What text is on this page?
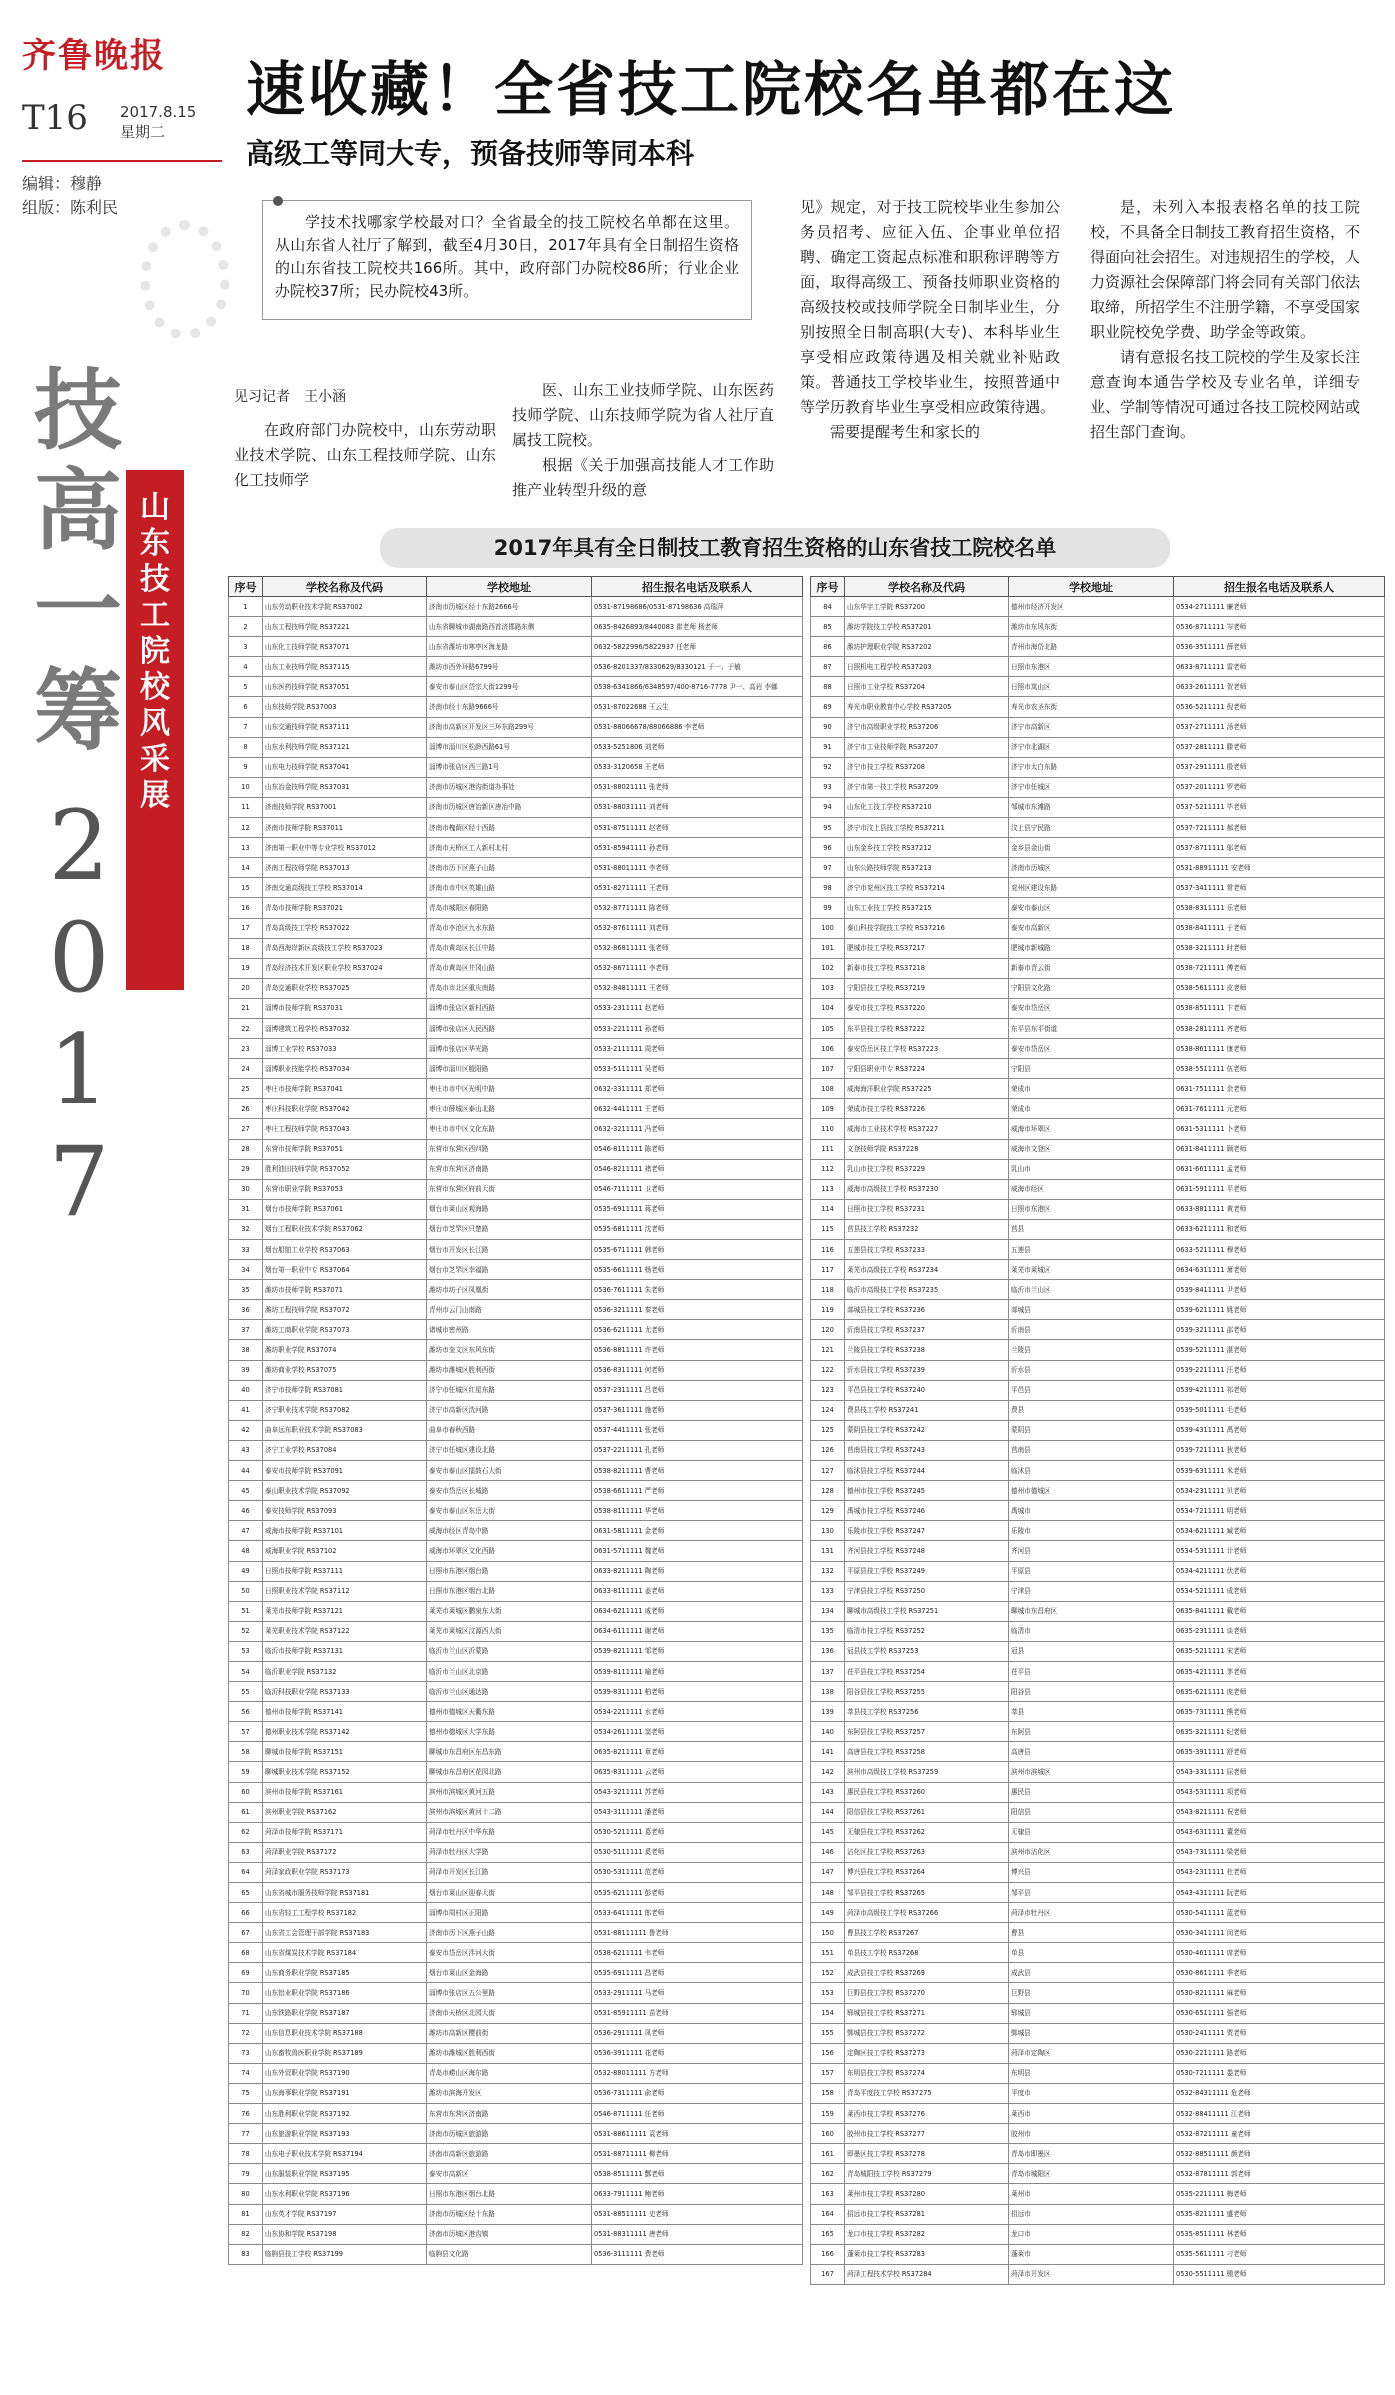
齐鲁晚报
T16 2017.8.15
星期二
编辑：穆静
组版：陈利民
速收藏！全省技工院校名单都在这
高级工等同大专，预备技师等同本科
技
高
一
筹
2
0
1
7
山
东
技
工
院
校
风
采
展

学技术找哪家学校最对口？全省最全的技工院校名单都在这里。从山东省人社厅了解到，截至4月30日，2017年具有全日制招生资格的山东省技工院校共166所。其中，政府部门办院校86所；行业企业办院校37所；民办院校43所。

见习记者　王小涵

在政府部门办院校中，山东劳动职业技术学院、山东工程技师学院、山东化工技师学

医、山东工业技师学院、山东医药技师学院、山东技师学院为省人社厅直属技工院校。

根据《关于加强高技能人才工作助推产业转型升级的意

见》规定，对于技工院校毕业生参加公务员招考、应征入伍、企事业单位招聘、确定工资起点标准和职称评聘等方面，取得高级工、预备技师职业资格的高级技校或技师学院全日制毕业生，分别按照全日制高职(大专)、本科毕业生享受相应政策待遇及相关就业补贴政策。普通技工学校毕业生，按照普通中等学历教育毕业生享受相应政策待遇。

需要提醒考生和家长的

是，未列入本报表格名单的技工院校，不具备全日制技工教育招生资格，不得面向社会招生。对违规招生的学校，人力资源社会保障部门将会同有关部门依法取缔，所招学生不注册学籍，不享受国家职业院校免学费、助学金等政策。

请有意报名技工院校的学生及家长注意查询本通告学校及专业名单，详细专业、学制等情况可通过各技工院校网站或招生部门查询。

2017年具有全日制技工教育招生资格的山东省技工院校名单
序号	学校名称及代码	学校地址	招生报名电话及联系人
1	山东劳动职业技术学院 RS37002	济南市历城区经十东路2666号	0531-87198686/0531-87198636 高瑞萍
2	山东工程技师学院 RS37221	山东省聊城市湖南路西首济邯路东侧	0635-8426893/8440083 崔老师 杨老师
3	山东化工技师学院 RS37071	山东省潍坊市寒亭区海龙路	0632-5822996/5822937 任老师
4	山东工业技师学院 RS37115	潍坊市西外环路6799号	0536-8201337/8330629/8330121 于一、于敏
5	山东医药技师学院 RS37051	泰安市泰山区岱宗大街1299号	0538-6341866/6348597/400-8716-7778 尹一、高岩 李娜
6	山东技师学院 RS37003	济南市经十东路9666号	0531-87022688 王云生
7	山东交通技师学院 RS37111	济南市高新区开发区三环东路299号	0531-88066678/88066886 李老师
8	山东水利技师学院 RS37121	淄博市淄川区松龄西路61号	0533-5251806 刘老师
9	山东电力技师学院 RS37041	淄博市张店区西三路1号	0533-3120658 王老师
10	山东冶金技师学院 RS37031	济南市历城区港沟街道办事处	0531-88021111 张老师
11	济南技师学院 RS37001	济南市历城区唐冶新区唐冶中路	0531-88031111 刘老师
12	济南市技师学院 RS37011	济南市槐荫区经十西路	0531-87511111 赵老师
13	济南第一职业中等专业学校 RS37012	济南市天桥区工人新村北村	0531-85941111 孙老师
14	济南工程技师学院 RS37013	济南市历下区燕子山路	0531-88011111 李老师
15	济南交通高级技工学校 RS37014	济南市市中区英雄山路	0531-82711111 王老师
16	青岛市技师学院 RS37021	青岛市城阳区春阳路	0532-87711111 陈老师
17	青岛高级技工学校 RS37022	青岛市李沧区九水东路	0532-87611111 刘老师
18	青岛西海岸新区高级技工学校 RS37023	青岛市黄岛区长江中路	0532-86811111 张老师
19	青岛经济技术开发区职业学校 RS37024	青岛市黄岛区井冈山路	0532-86711111 李老师
20	青岛交通职业学校 RS37025	青岛市市北区重庆南路	0532-84811111 王老师
21	淄博市技师学院 RS37031	淄博市张店区新村西路	0533-2311111 赵老师
22	淄博建筑工程学校 RS37032	淄博市张店区人民西路	0533-2211111 孙老师
23	淄博工业学校 RS37033	淄博市张店区华光路	0533-2111111 周老师
24	淄博职业技能学校 RS37034	淄博市淄川区般阳路	0533-5111111 吴老师
25	枣庄市技师学院 RS37041	枣庄市市中区光明中路	0632-3311111 郑老师
26	枣庄科技职业学院 RS37042	枣庄市薛城区泰山北路	0632-4411111 王老师
27	枣庄工程技师学院 RS37043	枣庄市市中区文化东路	0632-3211111 冯老师
28	东营市技师学院 RS37051	东营市东营区西四路	0546-8111111 陈老师
29	胜利油田技师学院 RS37052	东营市东营区济南路	0546-8211111 褚老师
30	东营市职业学院 RS37053	东营市东营区府前大街	0546-7111111 卫老师
31	烟台市技师学院 RS37061	烟台市莱山区观海路	0535-6911111 蒋老师
32	烟台工程职业技术学院 RS37062	烟台市芝罘区只楚路	0535-6811111 沈老师
33	烟台船舶工业学校 RS37063	烟台市开发区长江路	0535-6711111 韩老师
34	烟台第一职业中专 RS37064	烟台市芝罘区幸福路	0535-6611111 杨老师
35	潍坊市技师学院 RS37071	潍坊市坊子区凤凰街	0536-7611111 朱老师
36	潍坊工程技师学院 RS37072	青州市云门山南路	0536-3211111 秦老师
37	潍坊工商职业学院 RS37073	诸城市密州路	0536-6211111 尤老师
38	潍坊职业学院 RS37074	潍坊市奎文区东风东街	0536-8811111 许老师
39	潍坊商业学校 RS37075	潍坊市潍城区胜利西街	0536-8311111 何老师
40	济宁市技师学院 RS37081	济宁市任城区红星东路	0537-2311111 吕老师
41	济宁职业技术学院 RS37082	济宁市高新区洸河路	0537-3611111 施老师
42	曲阜远东职业技术学院 RS37083	曲阜市春秋西路	0537-4411111 张老师
43	济宁工业学校 RS37084	济宁市任城区建设北路	0537-2211111 孔老师
44	泰安市技师学院 RS37091	泰安市泰山区擂鼓石大街	0538-8211111 曹老师
45	泰山职业技术学院 RS37092	泰安市岱岳区长城路	0538-6611111 严老师
46	泰安技师学院 RS37093	泰安市泰山区东岳大街	0538-8111111 华老师
47	威海市技师学院 RS37101	威海市经区青岛中路	0631-5811111 金老师
48	威海职业学院 RS37102	威海市环翠区文化西路	0631-5711111 魏老师
49	日照市技师学院 RS37111	日照市东港区烟台路	0633-8211111 陶老师
50	日照职业技术学院 RS37112	日照市东港区烟台北路	0633-8111111 姜老师
51	莱芜市技师学院 RS37121	莱芜市莱城区鹏泉东大街	0634-6211111 戚老师
52	莱芜职业技术学院 RS37122	莱芜市莱城区汶源西大街	0634-6111111 谢老师
53	临沂市技师学院 RS37131	临沂市兰山区沂蒙路	0539-8211111 邹老师
54	临沂职业学院 RS37132	临沂市兰山区北京路	0539-8111111 喻老师
55	临沂科技职业学院 RS37133	临沂市兰山区通达路	0539-8311111 柏老师
56	德州市技师学院 RS37141	德州市德城区天衢东路	0534-2211111 水老师
57	德州职业技术学院 RS37142	德州市德城区大学东路	0534-2611111 窦老师
58	聊城市技师学院 RS37151	聊城市东昌府区东昌东路	0635-8211111 章老师
59	聊城职业技术学院 RS37152	聊城市东昌府区花园北路	0635-8311111 云老师
60	滨州市技师学院 RS37161	滨州市滨城区黄河五路	0543-3211111 苏老师
61	滨州职业学院 RS37162	滨州市滨城区黄河十二路	0543-3111111 潘老师
62	菏泽市技师学院 RS37171	菏泽市牡丹区中华东路	0530-5211111 葛老师
63	菏泽职业学院 RS37172	菏泽市牡丹区大学路	0530-5111111 奚老师
64	菏泽家政职业学院 RS37173	菏泽市开发区长江路	0530-5311111 范老师
65	山东省城市服务技师学院 RS37181	烟台市莱山区迎春大街	0535-6211111 彭老师
66	山东省轻工工程学校 RS37182	淄博市周村区正阳路	0533-6411111 郎老师
67	山东省工会管理干部学院 RS37183	济南市历下区燕子山路	0531-88111111 鲁老师
68	山东省煤炭技术学院 RS37184	泰安市岱岳区泮河大街	0538-6211111 韦老师
69	山东商务职业学院 RS37185	烟台市莱山区金海路	0535-6911111 昌老师
70	山东铝业职业学院 RS37186	淄博市张店区五公里路	0533-2911111 马老师
71	山东铁路职业学院 RS37187	济南市天桥区北园大街	0531-85911111 苗老师
72	山东信息职业技术学院 RS37188	潍坊市高新区樱前街	0536-2911111 凤老师
73	山东畜牧兽医职业学院 RS37189	潍坊市潍城区胜利西街	0536-3911111 花老师
74	山东外贸职业学院 RS37190	青岛市崂山区海尔路	0532-88011111 方老师
75	山东海事职业学院 RS37191	潍坊市滨海开发区	0536-7311111 俞老师
76	山东胜利职业学院 RS37192	东营市东营区济南路	0546-8711111 任老师
77	山东旅游职业学院 RS37193	济南市历城区旅游路	0531-88611111 袁老师
78	山东电子职业技术学院 RS37194	济南市高新区旅游路	0531-88711111 柳老师
79	山东服装职业学院 RS37195	泰安市高新区	0538-8511111 酆老师
80	山东水利职业学院 RS37196	日照市东港区烟台北路	0633-7911111 鲍老师
81	山东英才学院 RS37197	济南市历城区经十东路	0531-88511111 史老师
82	山东协和学院 RS37198	济南市历城区港沟镇	0531-88311111 唐老师
83	临朐县技工学校 RS37199	临朐县文化路	0536-3111111 费老师
序号	学校名称及代码	学校地址	招生报名电话及联系人
84	山东华宇工学院 RS37200	德州市经济开发区	0534-2711111 廉老师
85	潍坊学院技工学校 RS37201	潍坊市东风东街	0536-8711111 岑老师
86	潍坊护理职业学院 RS37202	青州市海岱北路	0536-3511111 薛老师
87	日照机电工程学校 RS37203	日照市东港区	0633-8711111 雷老师
88	日照市工业学校 RS37204	日照市岚山区	0633-2611111 贺老师
89	寿光市职业教育中心学校 RS37205	寿光市农圣东街	0536-5211111 倪老师
90	济宁市高级职业学校 RS37206	济宁市高新区	0537-2711111 汤老师
91	济宁市工业技师学院 RS37207	济宁市北湖区	0537-2811111 滕老师
92	济宁市技工学校 RS37208	济宁市太白东路	0537-2911111 殷老师
93	济宁市第一技工学校 RS37209	济宁市任城区	0537-2011111 罗老师
94	山东化工技工学校 RS37210	邹城市东滩路	0537-5211111 毕老师
95	济宁市汶上县技工学校 RS37211	汶上县宁民路	0537-7211111 郝老师
96	山东金乡技工学校 RS37212	金乡县金山街	0537-8711111 邬老师
97	山东公路技师学院 RS37213	济南市历城区	0531-88911111 安老师
98	济宁市兖州区技工学校 RS37214	兖州区建设东路	0537-3411111 常老师
99	山东工业技工学校 RS37215	泰安市泰山区	0538-8311111 乐老师
100	泰山科技学院技工学校 RS37216	泰安市高新区	0538-8411111 于老师
101	肥城市技工学校 RS37217	肥城市新城路	0538-3211111 时老师
102	新泰市技工学校 RS37218	新泰市青云街	0538-7211111 傅老师
103	宁阳县技工学校 RS37219	宁阳县文化路	0538-5611111 皮老师
104	泰安市技工学校 RS37220	泰安市岱岳区	0538-8511111 卞老师
105	东平县技工学校 RS37222	东平县东平街道	0538-2811111 齐老师
106	泰安岱岳区技工学校 RS37223	泰安市岱岳区	0538-8611111 康老师
107	宁阳县职业中专 RS37224	宁阳县	0538-5511111 伍老师
108	威海海洋职业学院 RS37225	荣成市	0631-7511111 余老师
109	荣成市技工学校 RS37226	荣成市	0631-7611111 元老师
110	威海市工业技术学校 RS37227	威海市环翠区	0631-5311111 卜老师
111	文登技师学院 RS37228	威海市文登区	0631-8411111 顾老师
112	乳山市技工学校 RS37229	乳山市	0631-6611111 孟老师
113	威海市高级技工学校 RS37230	威海市经区	0631-5911111 平老师
114	日照市技工学校 RS37231	日照市东港区	0633-8811111 黄老师
115	莒县技工学校 RS37232	莒县	0633-6211111 和老师
116	五莲县技工学校 RS37233	五莲县	0633-5211111 穆老师
117	莱芜市高级技工学校 RS37234	莱芜市莱城区	0634-6311111 萧老师
118	临沂市高级技工学校 RS37235	临沂市兰山区	0539-8411111 尹老师
119	郯城县技工学校 RS37236	郯城县	0539-6211111 姚老师
120	沂南县技工学校 RS37237	沂南县	0539-3211111 邵老师
121	兰陵县技工学校 RS37238	兰陵县	0539-5211111 湛老师
122	沂水县技工学校 RS37239	沂水县	0539-2211111 汪老师
123	平邑县技工学校 RS37240	平邑县	0539-4211111 祁老师
124	费县技工学校 RS37241	费县	0539-5011111 毛老师
125	蒙阴县技工学校 RS37242	蒙阴县	0539-4311111 禹老师
126	莒南县技工学校 RS37243	莒南县	0539-7211111 狄老师
127	临沭县技工学校 RS37244	临沭县	0539-6311111 米老师
128	德州市技工学校 RS37245	德州市德城区	0534-2311111 贝老师
129	禹城市技工学校 RS37246	禹城市	0534-7211111 明老师
130	乐陵市技工学校 RS37247	乐陵市	0534-6211111 臧老师
131	齐河县技工学校 RS37248	齐河县	0534-5311111 计老师
132	平原县技工学校 RS37249	平原县	0534-4211111 伏老师
133	宁津县技工学校 RS37250	宁津县	0534-5211111 成老师
134	聊城市高级技工学校 RS37251	聊城市东昌府区	0635-8411111 戴老师
135	临清市技工学校 RS37252	临清市	0635-2311111 谈老师
136	冠县技工学校 RS37253	冠县	0635-5211111 宋老师
137	茌平县技工学校 RS37254	茌平县	0635-4211111 茅老师
138	阳谷县技工学校 RS37255	阳谷县	0635-6211111 庞老师
139	莘县技工学校 RS37256	莘县	0635-7311111 熊老师
140	东阿县技工学校 RS37257	东阿县	0635-3211111 纪老师
141	高唐县技工学校 RS37258	高唐县	0635-3911111 舒老师
142	滨州市高级技工学校 RS37259	滨州市滨城区	0543-3311111 屈老师
143	惠民县技工学校 RS37260	惠民县	0543-5311111 项老师
144	阳信县技工学校 RS37261	阳信县	0543-8211111 祝老师
145	无棣县技工学校 RS37262	无棣县	0543-6311111 董老师
146	沾化区技工学校 RS37263	滨州市沾化区	0543-7311111 梁老师
147	博兴县技工学校 RS37264	博兴县	0543-2311111 杜老师
148	邹平县技工学校 RS37265	邹平县	0543-4311111 阮老师
149	菏泽市高级技工学校 RS37266	菏泽市牡丹区	0530-5411111 蓝老师
150	曹县技工学校 RS37267	曹县	0530-3411111 闵老师
151	单县技工学校 RS37268	单县	0530-4611111 席老师
152	成武县技工学校 RS37269	成武县	0530-8611111 季老师
153	巨野县技工学校 RS37270	巨野县	0530-8211111 麻老师
154	郓城县技工学校 RS37271	郓城县	0530-6511111 强老师
155	鄄城县技工学校 RS37272	鄄城县	0530-2411111 贾老师
156	定陶区技工学校 RS37273	菏泽市定陶区	0530-2211111 路老师
157	东明县技工学校 RS37274	东明县	0530-7211111 娄老师
158	青岛平度技工学校 RS37275	平度市	0532-84311111 危老师
159	莱西市技工学校 RS37276	莱西市	0532-88411111 江老师
160	胶州市技工学校 RS37277	胶州市	0532-87211111 童老师
161	即墨区技工学校 RS37278	青岛市即墨区	0532-88511111 颜老师
162	青岛城阳技工学校 RS37279	青岛市城阳区	0532-87811111 郭老师
163	莱州市技工学校 RS37280	莱州市	0535-2211111 梅老师
164	招远市技工学校 RS37281	招远市	0535-8211111 盛老师
165	龙口市技工学校 RS37282	龙口市	0535-8511111 林老师
166	蓬莱市技工学校 RS37283	蓬莱市	0535-5611111 刁老师
167	菏泽工程技术学校 RS37284	菏泽市开发区	0530-5511111 锺老师
